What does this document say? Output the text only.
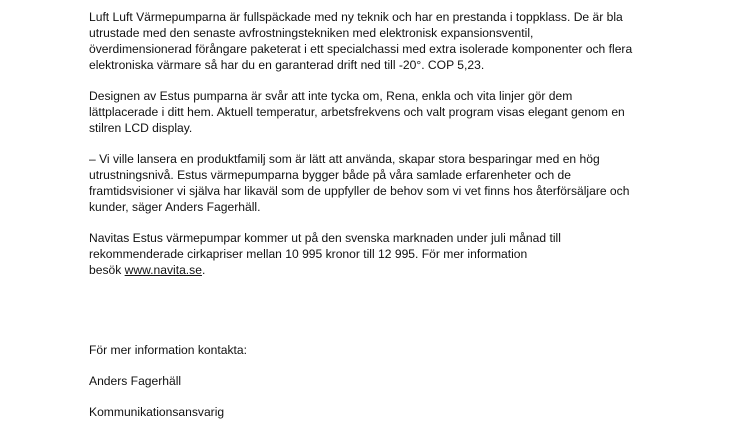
Luft Luft Värmepumparna är fullspäckade med ny teknik och har en prestanda i toppklass. De är bla
utrustade med den senaste avfrostningstekniken med elektronisk expansionsventil,
överdimensionerad förångare paketerat i ett specialchassi med extra isolerade komponenter och flera
elektroniska värmare så har du en garanterad drift ned till -20°. COP 5,23.

Designen av Estus pumparna är svår att inte tycka om, Rena, enkla och vita linjer gör dem
lättplacerade i ditt hem. Aktuell temperatur, arbetsfrekvens och valt program visas elegant genom en
stilren LCD display.

– Vi ville lansera en produktfamilj som är lätt att använda, skapar stora besparingar med en hög
utrustningsnivå. Estus värmepumparna bygger både på våra samlade erfarenheter och de
framtidsvisioner vi själva har likaväl som de uppfyller de behov som vi vet finns hos återförsäljare och
kunder, säger Anders Fagerhäll.

Navitas Estus värmepumpar kommer ut på den svenska marknaden under juli månad till
rekommenderade cirkapriser mellan 10 995 kronor till 12 995. För mer information
besök www.navita.se.

För mer information kontakta:

Anders Fagerhäll

Kommunikationsansvarig
